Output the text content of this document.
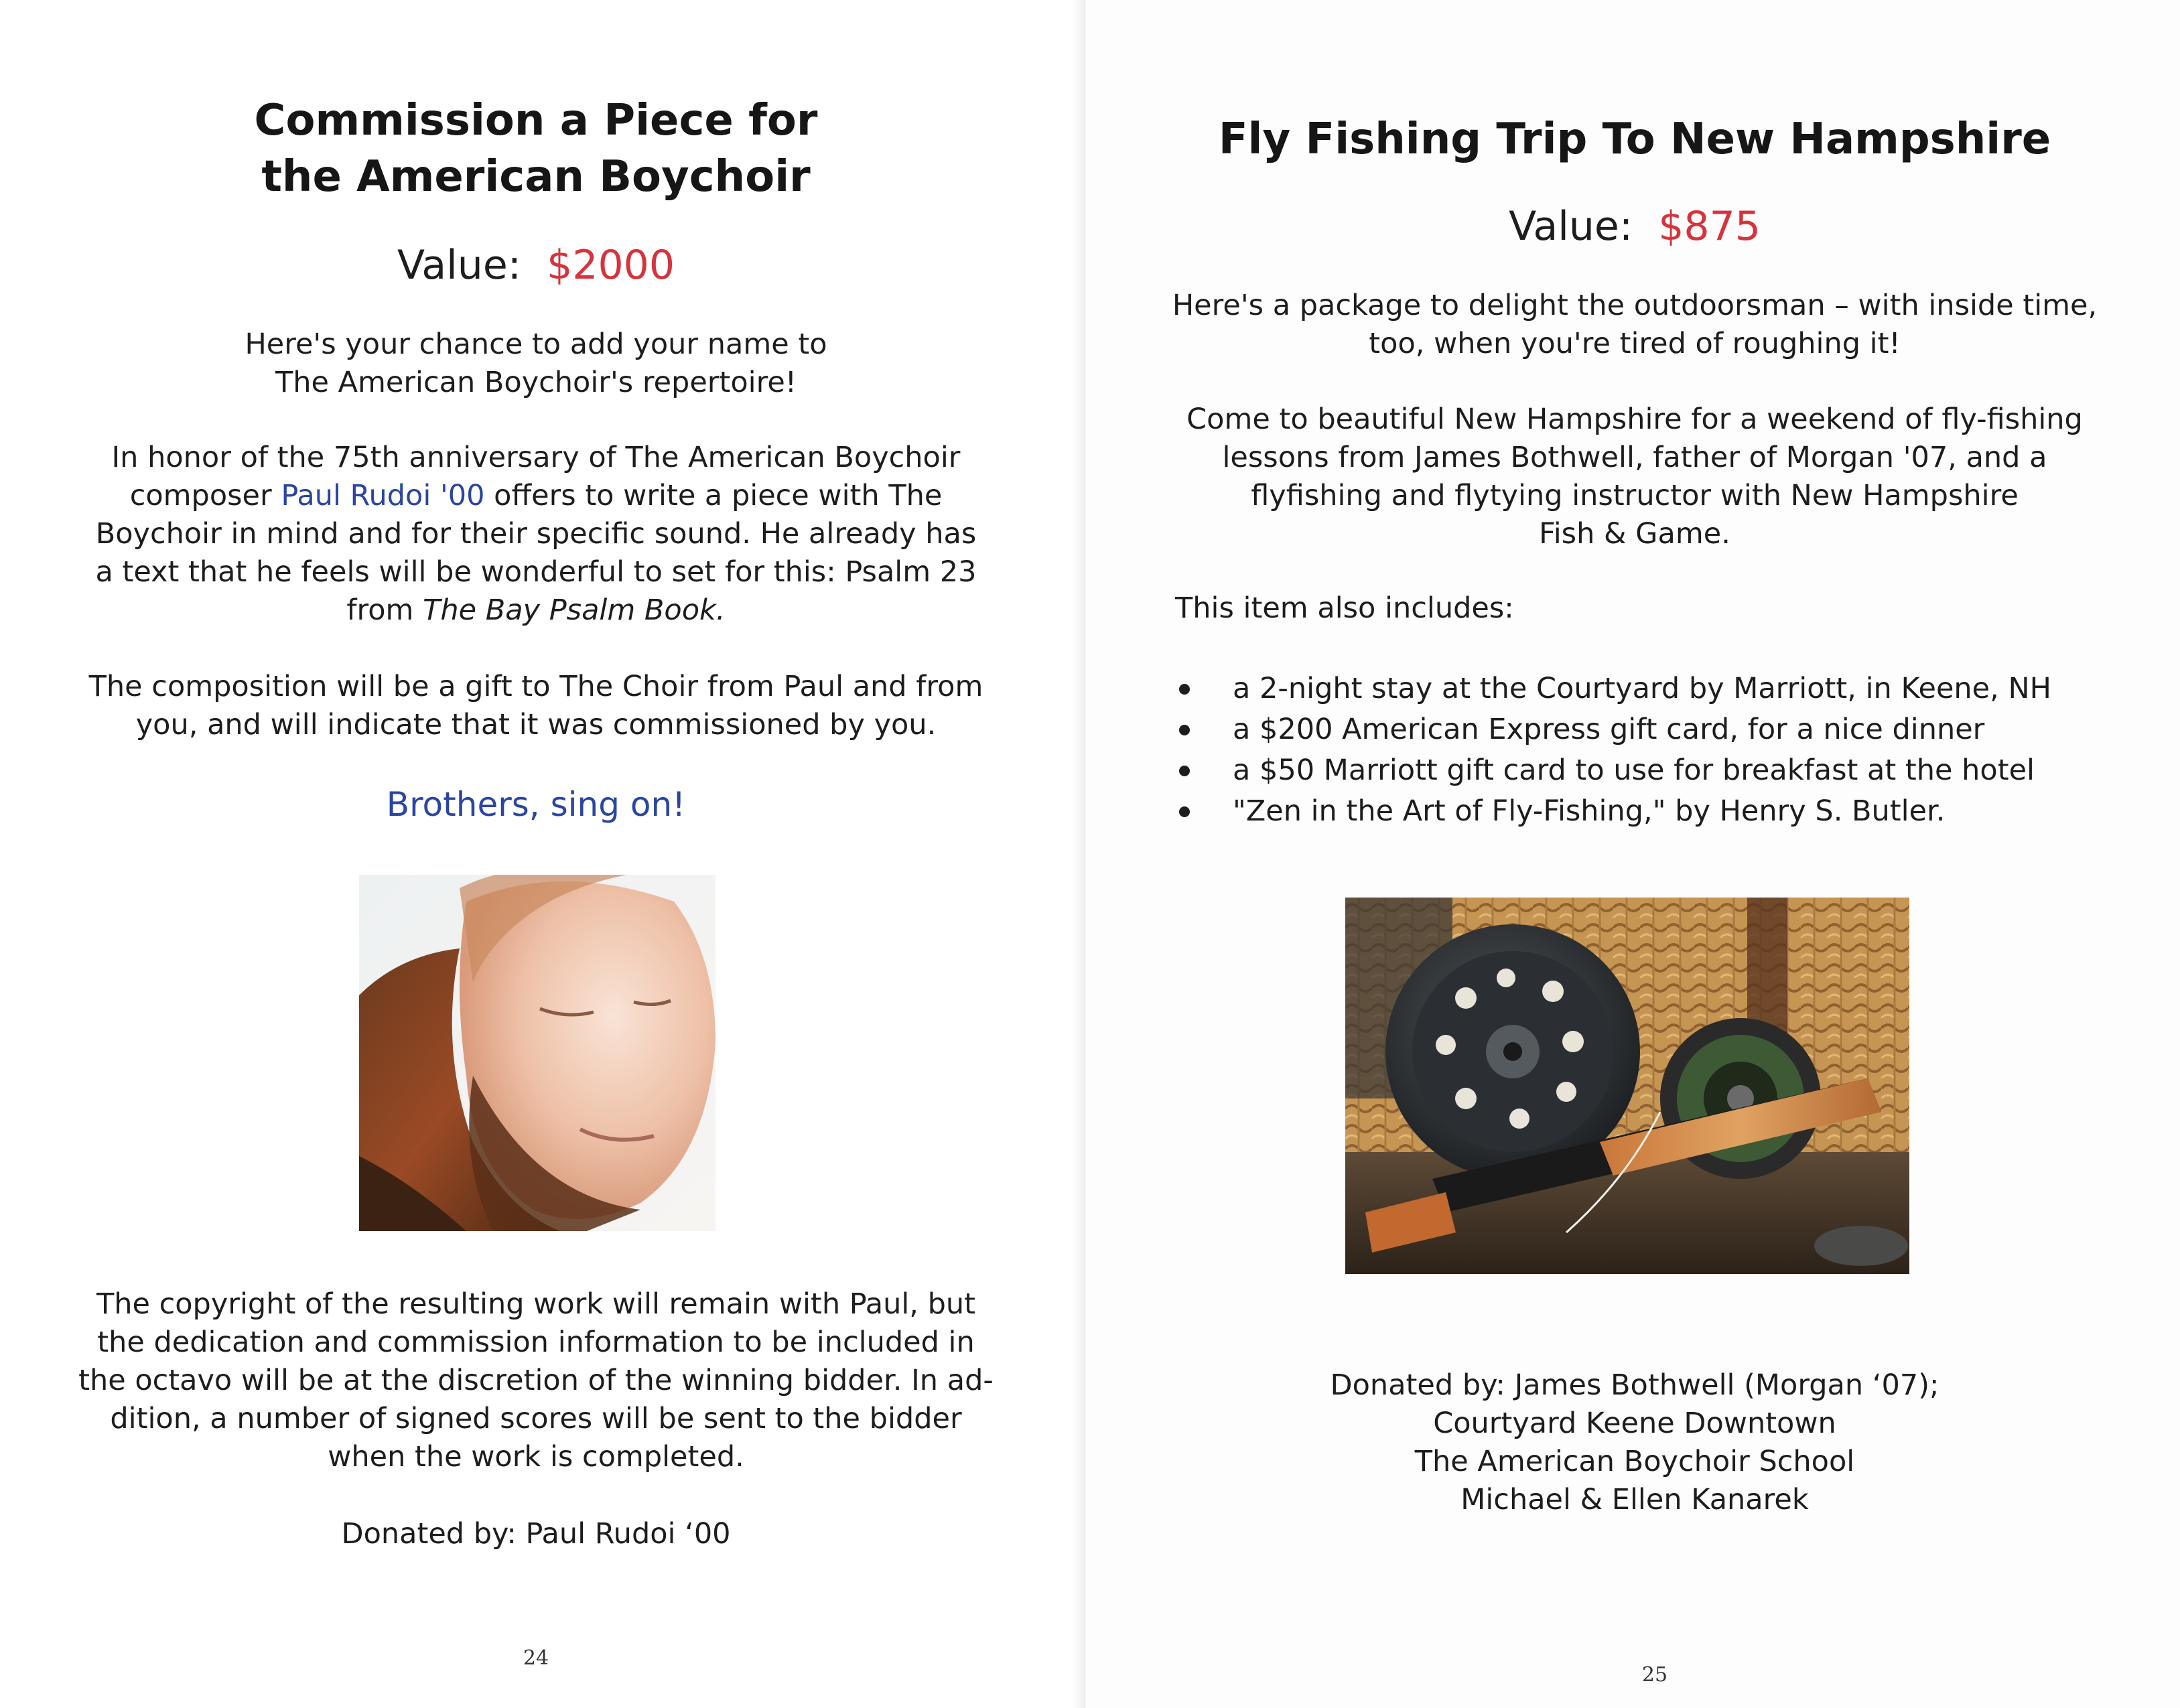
Commission a Piece for
the American Boychoir

Value: $2000

Here's your chance to add your name to
The American Boychoir's repertoire!

In honor of the 75th anniversary of The American Boychoir
composer Paul Rudoi '00 offers to write a piece with The
Boychoir in mind and for their specific sound. He already has
a text that he feels will be wonderful to set for this: Psalm 23
from The Bay Psalm Book.

The composition will be a gift to The Choir from Paul and from
you, and will indicate that it was commissioned by you.

Brothers, sing on!

The copyright of the resulting work will remain with Paul, but
the dedication and commission information to be included in
the octavo will be at the discretion of the winning bidder. In ad-
dition, a number of signed scores will be sent to the bidder
when the work is completed.

Donated by: Paul Rudoi ‘00

24
Fly Fishing Trip To New Hampshire

Value: $875

Here's a package to delight the outdoorsman – with inside time,
too, when you're tired of roughing it!

Come to beautiful New Hampshire for a weekend of fly-fishing
lessons from James Bothwell, father of Morgan '07, and a
flyfishing and flytying instructor with New Hampshire
Fish & Game.

This item also includes:

a 2-night stay at the Courtyard by Marriott, in Keene, NH
a $200 American Express gift card, for a nice dinner
a $50 Marriott gift card to use for breakfast at the hotel
"Zen in the Art of Fly-Fishing," by Henry S. Butler.

Donated by: James Bothwell (Morgan ‘07);
Courtyard Keene Downtown
The American Boychoir School
Michael & Ellen Kanarek

25
